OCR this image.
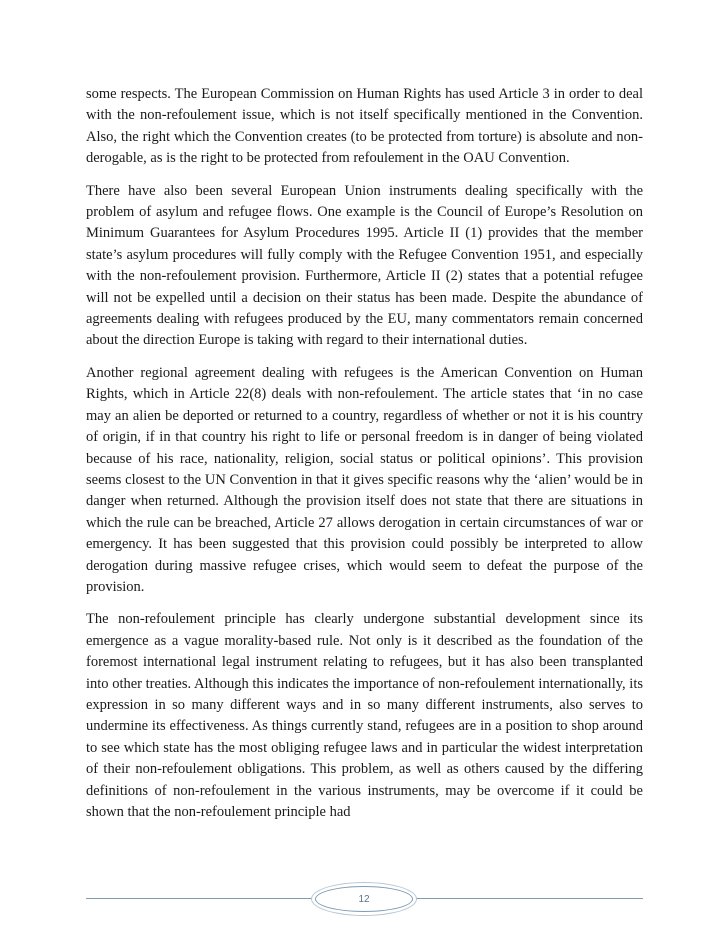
some respects. The European Commission on Human Rights has used Article 3 in order to deal with the non-refoulement issue, which is not itself specifically mentioned in the Convention. Also, the right which the Convention creates (to be protected from torture) is absolute and non-derogable, as is the right to be protected from refoulement in the OAU Convention.

There have also been several European Union instruments dealing specifically with the problem of asylum and refugee flows. One example is the Council of Europe’s Resolution on Minimum Guarantees for Asylum Procedures 1995. Article II (1) provides that the member state’s asylum procedures will fully comply with the Refugee Convention 1951, and especially with the non-refoulement provision. Furthermore, Article II (2) states that a potential refugee will not be expelled until a decision on their status has been made. Despite the abundance of agreements dealing with refugees produced by the EU, many commentators remain concerned about the direction Europe is taking with regard to their international duties.

Another regional agreement dealing with refugees is the American Convention on Human Rights, which in Article 22(8) deals with non-refoulement. The article states that ‘in no case may an alien be deported or returned to a country, regardless of whether or not it is his country of origin, if in that country his right to life or personal freedom is in danger of being violated because of his race, nationality, religion, social status or political opinions’. This provision seems closest to the UN Convention in that it gives specific reasons why the ‘alien’ would be in danger when returned. Although the provision itself does not state that there are situations in which the rule can be breached, Article 27 allows derogation in certain circumstances of war or emergency. It has been suggested that this provision could possibly be interpreted to allow derogation during massive refugee crises, which would seem to defeat the purpose of the provision.

The non-refoulement principle has clearly undergone substantial development since its emergence as a vague morality-based rule. Not only is it described as the foundation of the foremost international legal instrument relating to refugees, but it has also been transplanted into other treaties. Although this indicates the importance of non-refoulement internationally, its expression in so many different ways and in so many different instruments, also serves to undermine its effectiveness. As things currently stand, refugees are in a position to shop around to see which state has the most obliging refugee laws and in particular the widest interpretation of their non-refoulement obligations. This problem, as well as others caused by the differing definitions of non-refoulement in the various instruments, may be overcome if it could be shown that the non-refoulement principle had

12
